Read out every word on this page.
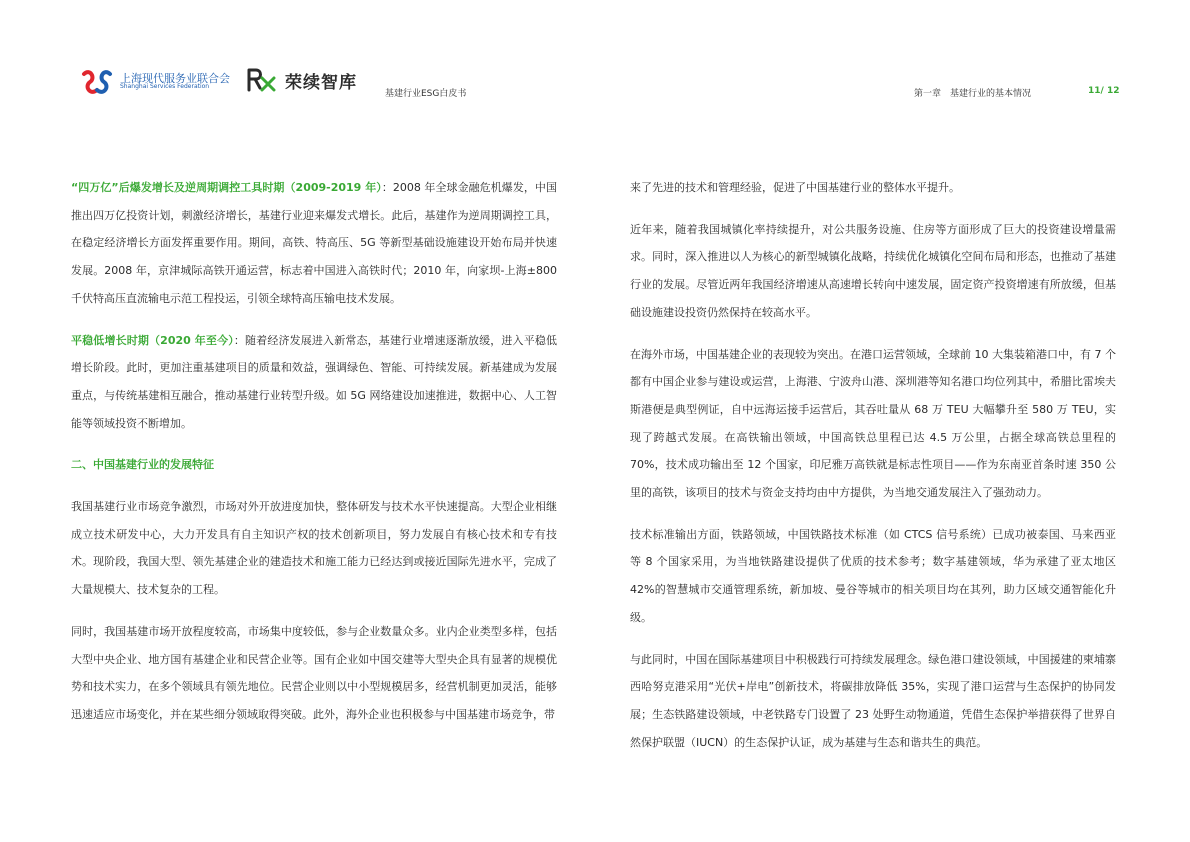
上海现代服务业联合会
Shanghai Services Federation	荣续智库
基建行业ESG白皮书	第一章　基建行业的基本情况	11/ 12

“四万亿”后爆发增长及逆周期调控工具时期（2009-2019 年）：2008 年全球金融危机爆发，中国推出四万亿投资计划，刺激经济增长，基建行业迎来爆发式增长。此后，基建作为逆周期调控工具，在稳定经济增长方面发挥重要作用。期间，高铁、特高压、5G 等新型基础设施建设开始布局并快速发展。2008 年，京津城际高铁开通运营，标志着中国进入高铁时代；2010 年，向家坝-上海±800 千伏特高压直流输电示范工程投运，引领全球特高压输电技术发展。

平稳低增长时期（2020 年至今）：随着经济发展进入新常态，基建行业增速逐渐放缓，进入平稳低增长阶段。此时，更加注重基建项目的质量和效益，强调绿色、智能、可持续发展。新基建成为发展重点，与传统基建相互融合，推动基建行业转型升级。如 5G 网络建设加速推进，数据中心、人工智能等领域投资不断增加。

二、中国基建行业的发展特征

我国基建行业市场竞争激烈，市场对外开放进度加快，整体研发与技术水平快速提高。大型企业相继成立技术研发中心，大力开发具有自主知识产权的技术创新项目，努力发展自有核心技术和专有技术。现阶段，我国大型、领先基建企业的建造技术和施工能力已经达到或接近国际先进水平，完成了大量规模大、技术复杂的工程。

同时，我国基建市场开放程度较高，市场集中度较低，参与企业数量众多。业内企业类型多样，包括大型中央企业、地方国有基建企业和民营企业等。国有企业如中国交建等大型央企具有显著的规模优势和技术实力，在多个领域具有领先地位。民营企业则以中小型规模居多，经营机制更加灵活，能够迅速适应市场变化，并在某些细分领域取得突破。此外，海外企业也积极参与中国基建市场竞争，带

来了先进的技术和管理经验，促进了中国基建行业的整体水平提升。

近年来，随着我国城镇化率持续提升，对公共服务设施、住房等方面形成了巨大的投资建设增量需求。同时，深入推进以人为核心的新型城镇化战略，持续优化城镇化空间布局和形态，也推动了基建行业的发展。尽管近两年我国经济增速从高速增长转向中速发展，固定资产投资增速有所放缓，但基础设施建设投资仍然保持在较高水平。

在海外市场，中国基建企业的表现较为突出。在港口运营领域，全球前 10 大集装箱港口中，有 7 个都有中国企业参与建设或运营，上海港、宁波舟山港、深圳港等知名港口均位列其中，希腊比雷埃夫斯港便是典型例证，自中远海运接手运营后，其吞吐量从 68 万 TEU 大幅攀升至 580 万 TEU，实现了跨越式发展。在高铁输出领域，中国高铁总里程已达 4.5 万公里，占据全球高铁总里程的 70%，技术成功输出至 12 个国家，印尼雅万高铁就是标志性项目——作为东南亚首条时速 350 公里的高铁，该项目的技术与资金支持均由中方提供，为当地交通发展注入了强劲动力。

技术标准输出方面，铁路领域，中国铁路技术标准（如 CTCS 信号系统）已成功被泰国、马来西亚等 8 个国家采用，为当地铁路建设提供了优质的技术参考；数字基建领域，华为承建了亚太地区 42%的智慧城市交通管理系统，新加坡、曼谷等城市的相关项目均在其列，助力区域交通智能化升级。

与此同时，中国在国际基建项目中积极践行可持续发展理念。绿色港口建设领域，中国援建的柬埔寨西哈努克港采用“光伏+岸电”创新技术，将碳排放降低 35%，实现了港口运营与生态保护的协同发展；生态铁路建设领域，中老铁路专门设置了 23 处野生动物通道，凭借生态保护举措获得了世界自然保护联盟（IUCN）的生态保护认证，成为基建与生态和谐共生的典范。
